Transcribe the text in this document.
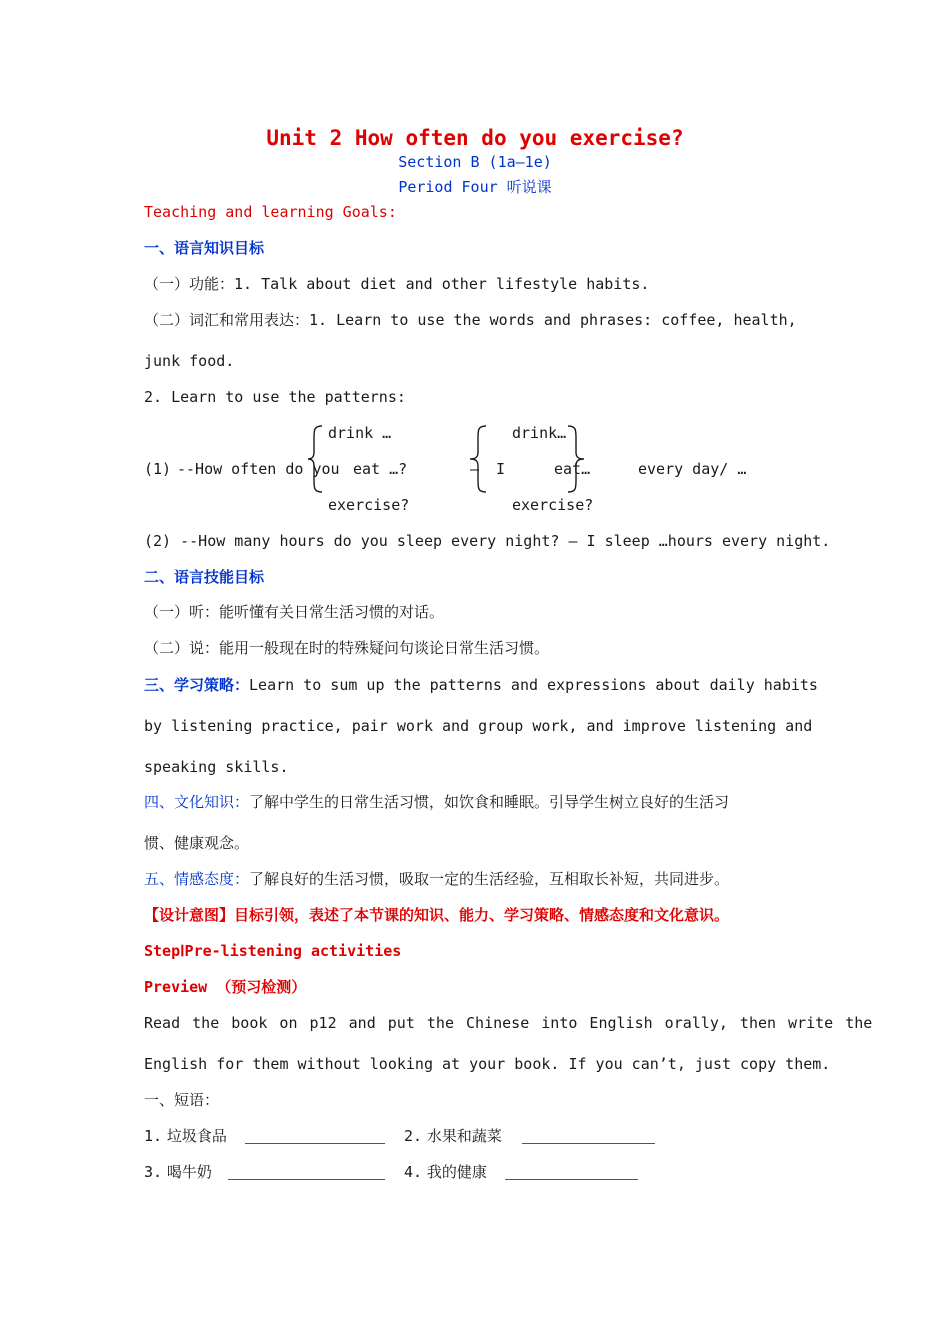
Unit 2 How often do you exercise?
Section B (1a—1e)
Period Four 听说课
Teaching and learning Goals:
一、语言知识目标
（一）功能：1. Talk about diet and other lifestyle habits.
（二）词汇和常用表达：1. Learn to use the words and phrases: coffee, health,
junk food.
2. Learn to use the patterns:
(1) --How often do you
drink …
eat …?
exercise?
— I
drink…
eat…
exercise?
every day/ …
(2) --How many hours do you sleep every night? – I sleep …hours every night.
二、语言技能目标
（一）听：能听懂有关日常生活习惯的对话。
（二）说：能用一般现在时的特殊疑问句谈论日常生活习惯。
三、学习策略：Learn to sum up the patterns and expressions about daily habits
by listening practice, pair work and group work, and improve listening and
speaking skills.
四、文化知识：了解中学生的日常生活习惯，如饮食和睡眠。引导学生树立良好的生活习
惯、健康观念。
五、情感态度：了解良好的生活习惯，吸取一定的生活经验，互相取长补短，共同进步。
【设计意图】目标引领，表述了本节课的知识、能力、学习策略、情感态度和文化意识。
StepⅠPre-listening activities
Preview （预习检测）
Read the book on p12 and put the Chinese into English orally, then write the
English for them without looking at your book. If you can’t, just copy them.
一、短语：
1. 垃圾食品	2. 水果和蔬菜
3. 喝牛奶	4. 我的健康
